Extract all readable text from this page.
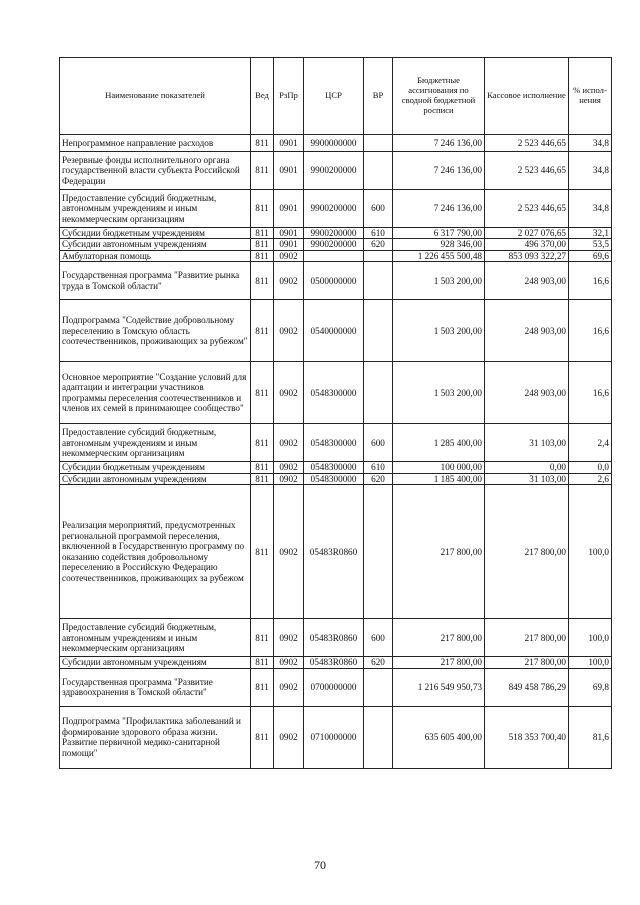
Наименование показателей	Вед	РзПр	ЦСР	ВР	Бюджетные ассигнования по сводной бюджетной росписи	Кассовое исполнение	% испол-нения
Непрограммное направление расходов	811	0901	9900000000		7 246 136,00	2 523 446,65	34,8
Резервные фонды исполнительного органа государственной власти субъекта Российской Федерации	811	0901	9900200000		7 246 136,00	2 523 446,65	34,8
Предоставление субсидий бюджетным, автономным учреждениям и иным некоммерческим организациям	811	0901	9900200000	600	7 246 136,00	2 523 446,65	34,8
Субсидии бюджетным учреждениям	811	0901	9900200000	610	6 317 790,00	2 027 076,65	32,1
Субсидии автономным учреждениям	811	0901	9900200000	620	928 346,00	496 370,00	53,5
Амбулаторная помощь	811	0902			1 226 455 500,48	853 093 322,27	69,6
Государственная программа "Развитие рынка труда в Томской области"	811	0902	0500000000		1 503 200,00	248 903,00	16,6
Подпрограмма "Содействие добровольному переселению в Томскую область соотечественников, проживающих за рубежом"	811	0902	0540000000		1 503 200,00	248 903,00	16,6
Основное мероприятие "Создание условий для адаптации и интеграции участников программы переселения соотечественников и членов их семей в принимающее сообщество"	811	0902	0548300000		1 503 200,00	248 903,00	16,6
Предоставление субсидий бюджетным, автономным учреждениям и иным некоммерческим организациям	811	0902	0548300000	600	1 285 400,00	31 103,00	2,4
Субсидии бюджетным учреждениям	811	0902	0548300000	610	100 000,00	0,00	0,0
Субсидии автономным учреждениям	811	0902	0548300000	620	1 185 400,00	31 103,00	2,6
Реализация мероприятий, предусмотренных региональной программой переселения, включенной в Государственную программу по оказанию содействия добровольному переселению в Российскую Федерацию соотечественников, проживающих за рубежом	811	0902	05483R0860		217 800,00	217 800,00	100,0
Предоставление субсидий бюджетным, автономным учреждениям и иным некоммерческим организациям	811	0902	05483R0860	600	217 800,00	217 800,00	100,0
Субсидии автономным учреждениям	811	0902	05483R0860	620	217 800,00	217 800,00	100,0
Государственная программа "Развитие здравоохранения в Томской области"	811	0902	0700000000		1 216 549 950,73	849 458 786,29	69,8
Подпрограмма "Профилактика заболеваний и формирование здорового образа жизни. Развитие первичной медико-санитарной помощи"	811	0902	0710000000		635 605 400,00	518 353 700,40	81,6
70
